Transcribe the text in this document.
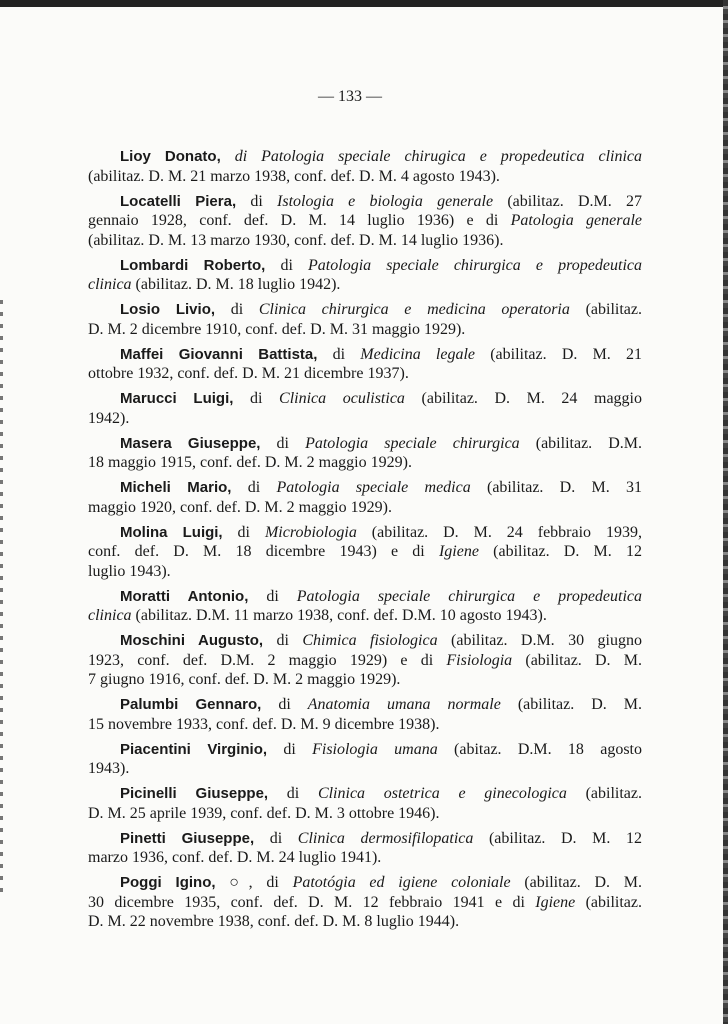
— 133 —
Lioy Donato, di Patologia speciale chirugica e propedeutica clinica
(abilitaz. D. M. 21 marzo 1938, conf. def. D. M. 4 agosto 1943).
Locatelli Piera, di Istologia e biologia generale (abilitaz. D.M. 27
gennaio 1928, conf. def. D. M. 14 luglio 1936) e di Patologia generale
(abilitaz. D. M. 13 marzo 1930, conf. def. D. M. 14 luglio 1936).
Lombardi Roberto, di Patologia speciale chirurgica e propedeutica
clinica (abilitaz. D. M. 18 luglio 1942).
Losio Livio, di Clinica chirurgica e medicina operatoria (abilitaz.
D. M. 2 dicembre 1910, conf. def. D. M. 31 maggio 1929).
Maffei Giovanni Battista, di Medicina legale (abilitaz. D. M. 21
ottobre 1932, conf. def. D. M. 21 dicembre 1937).
Marucci Luigi, di Clinica oculistica (abilitaz. D. M. 24 maggio
1942).
Masera Giuseppe, di Patologia speciale chirurgica (abilitaz. D.M.
18 maggio 1915, conf. def. D. M. 2 maggio 1929).
Micheli Mario, di Patologia speciale medica (abilitaz. D. M. 31
maggio 1920, conf. def. D. M. 2 maggio 1929).
Molina Luigi, di Microbiologia (abilitaz. D. M. 24 febbraio 1939,
conf. def. D. M. 18 dicembre 1943) e di Igiene (abilitaz. D. M. 12
luglio 1943).
Moratti Antonio, di Patologia speciale chirurgica e propedeutica
clinica (abilitaz. D.M. 11 marzo 1938, conf. def. D.M. 10 agosto 1943).
Moschini Augusto, di Chimica fisiologica (abilitaz. D.M. 30 giugno
1923, conf. def. D.M. 2 maggio 1929) e di Fisiologia (abilitaz. D. M.
7 giugno 1916, conf. def. D. M. 2 maggio 1929).
Palumbi Gennaro, di Anatomia umana normale (abilitaz. D. M.
15 novembre 1933, conf. def. D. M. 9 dicembre 1938).
Piacentini Virginio, di Fisiologia umana (abitaz. D.M. 18 agosto
1943).
Picinelli Giuseppe, di Clinica ostetrica e ginecologica (abilitaz.
D. M. 25 aprile 1939, conf. def. D. M. 3 ottobre 1946).
Pinetti Giuseppe, di Clinica dermosifilopatica (abilitaz. D. M. 12
marzo 1936, conf. def. D. M. 24 luglio 1941).
Poggi Igino, ○, di Patotógia ed igiene coloniale (abilitaz. D. M.
30 dicembre 1935, conf. def. D. M. 12 febbraio 1941 e di Igiene (abilitaz.
D. M. 22 novembre 1938, conf. def. D. M. 8 luglio 1944).
